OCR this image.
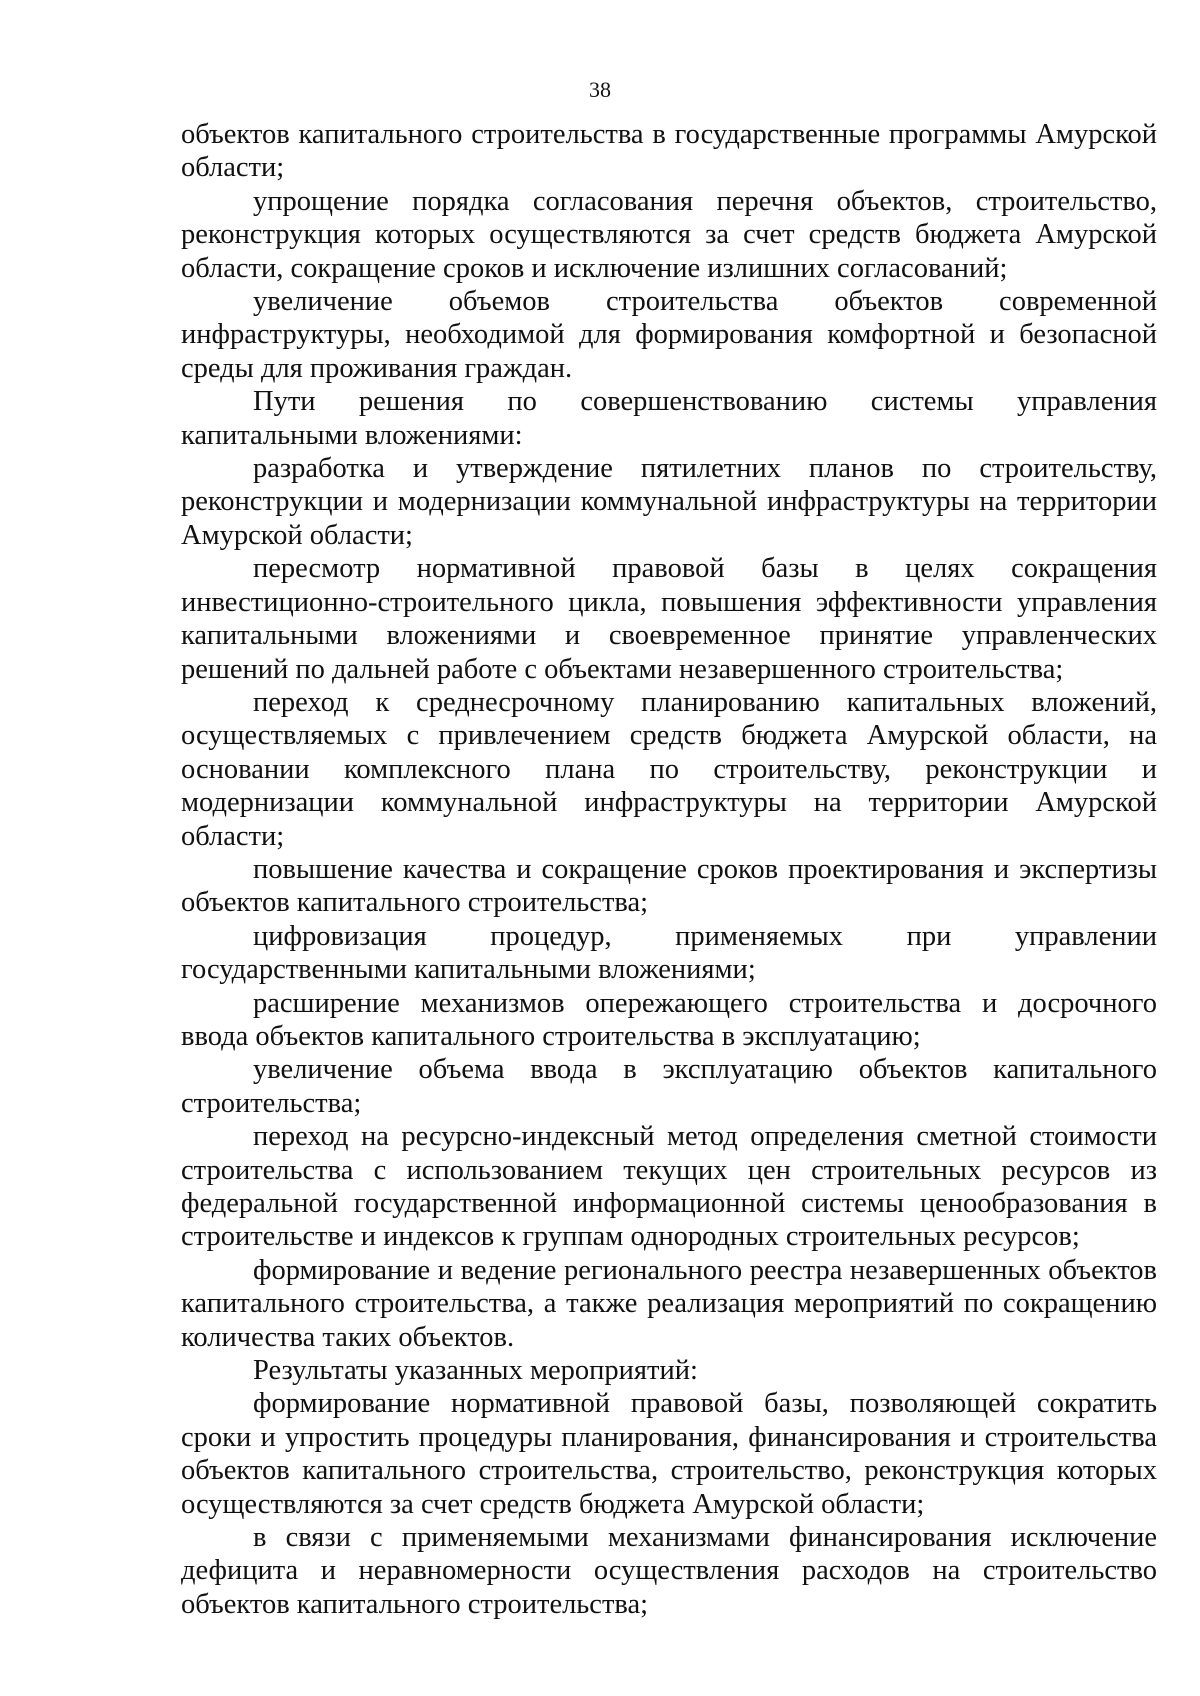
38

объектов капитального строительства в государственные программы Амурской области;

упрощение порядка согласования перечня объектов, строительство, реконструкция которых осуществляются за счет средств бюджета Амурской области, сокращение сроков и исключение излишних согласований;

увеличение объемов строительства объектов современной инфраструктуры, необходимой для формирования комфортной и безопасной среды для проживания граждан.

Пути решения по совершенствованию системы управления капитальными вложениями:

разработка и утверждение пятилетних планов по строительству, реконструкции и модернизации коммунальной инфраструктуры на территории Амурской области;

пересмотр нормативной правовой базы в целях сокращения инвестиционно-строительного цикла, повышения эффективности управления капитальными вложениями и своевременное принятие управленческих решений по дальней работе с объектами незавершенного строительства;

переход к среднесрочному планированию капитальных вложений, осуществляемых с привлечением средств бюджета Амурской области, на основании комплексного плана по строительству, реконструкции и модернизации коммунальной инфраструктуры на территории Амурской области;

повышение качества и сокращение сроков проектирования и экспертизы объектов капитального строительства;

цифровизация процедур, применяемых при управлении государственными капитальными вложениями;

расширение механизмов опережающего строительства и досрочного ввода объектов капитального строительства в эксплуатацию;

увеличение объема ввода в эксплуатацию объектов капитального строительства;

переход на ресурсно-индексный метод определения сметной стоимости строительства с использованием текущих цен строительных ресурсов из федеральной государственной информационной системы ценообразования в строительстве и индексов к группам однородных строительных ресурсов;

формирование и ведение регионального реестра незавершенных объектов капитального строительства, а также реализация мероприятий по сокращению количества таких объектов.

Результаты указанных мероприятий:

формирование нормативной правовой базы, позволяющей сократить сроки и упростить процедуры планирования, финансирования и строительства объектов капитального строительства, строительство, реконструкция которых осуществляются за счет средств бюджета Амурской области;

в связи с применяемыми механизмами финансирования исключение дефицита и неравномерности осуществления расходов на строительство объектов капитального строительства;
